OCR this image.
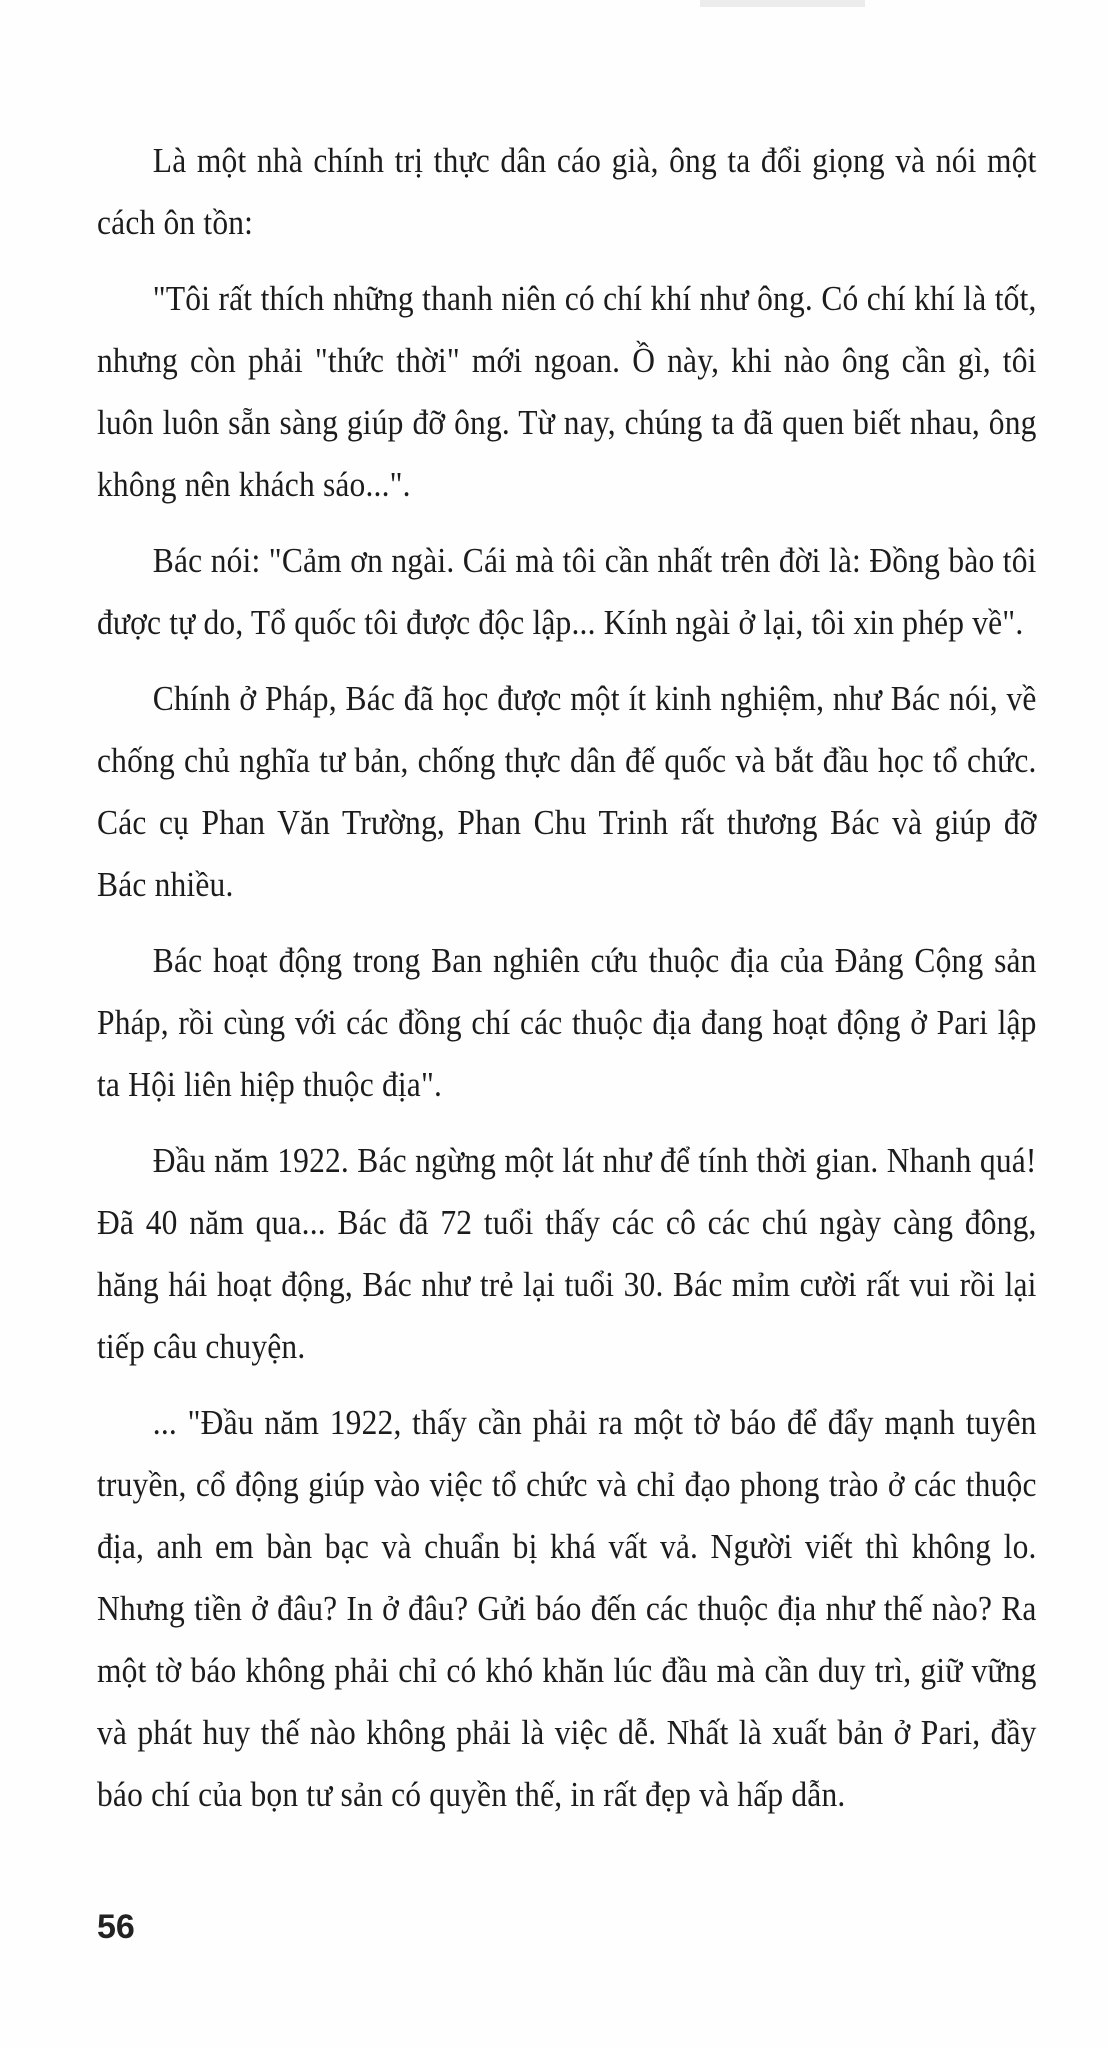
Là một nhà chính trị thực dân cáo già, ông ta đổi giọng và nói một cách ôn tồn:

"Tôi rất thích những thanh niên có chí khí như ông. Có chí khí là tốt, nhưng còn phải "thức thời" mới ngoan. Ồ này, khi nào ông cần gì, tôi luôn luôn sẵn sàng giúp đỡ ông. Từ nay, chúng ta đã quen biết nhau, ông không nên khách sáo...".

Bác nói: "Cảm ơn ngài. Cái mà tôi cần nhất trên đời là: Đồng bào tôi được tự do, Tổ quốc tôi được độc lập... Kính ngài ở lại, tôi xin phép về".

Chính ở Pháp, Bác đã học được một ít kinh nghiệm, như Bác nói, về chống chủ nghĩa tư bản, chống thực dân đế quốc và bắt đầu học tổ chức. Các cụ Phan Văn Trường, Phan Chu Trinh rất thương Bác và giúp đỡ Bác nhiều.

Bác hoạt động trong Ban nghiên cứu thuộc địa của Đảng Cộng sản Pháp, rồi cùng với các đồng chí các thuộc địa đang hoạt động ở Pari lập ta Hội liên hiệp thuộc địa".

Đầu năm 1922. Bác ngừng một lát như để tính thời gian. Nhanh quá! Đã 40 năm qua... Bác đã 72 tuổi thấy các cô các chú ngày càng đông, hăng hái hoạt động, Bác như trẻ lại tuổi 30. Bác mỉm cười rất vui rồi lại tiếp câu chuyện.

... "Đầu năm 1922, thấy cần phải ra một tờ báo để đẩy mạnh tuyên truyền, cổ động giúp vào việc tổ chức và chỉ đạo phong trào ở các thuộc địa, anh em bàn bạc và chuẩn bị khá vất vả. Người viết thì không lo. Nhưng tiền ở đâu? In ở đâu? Gửi báo đến các thuộc địa như thế nào? Ra một tờ báo không phải chỉ có khó khăn lúc đầu mà cần duy trì, giữ vững và phát huy thế nào không phải là việc dễ. Nhất là xuất bản ở Pari, đầy báo chí của bọn tư sản có quyền thế, in rất đẹp và hấp dẫn.

56
